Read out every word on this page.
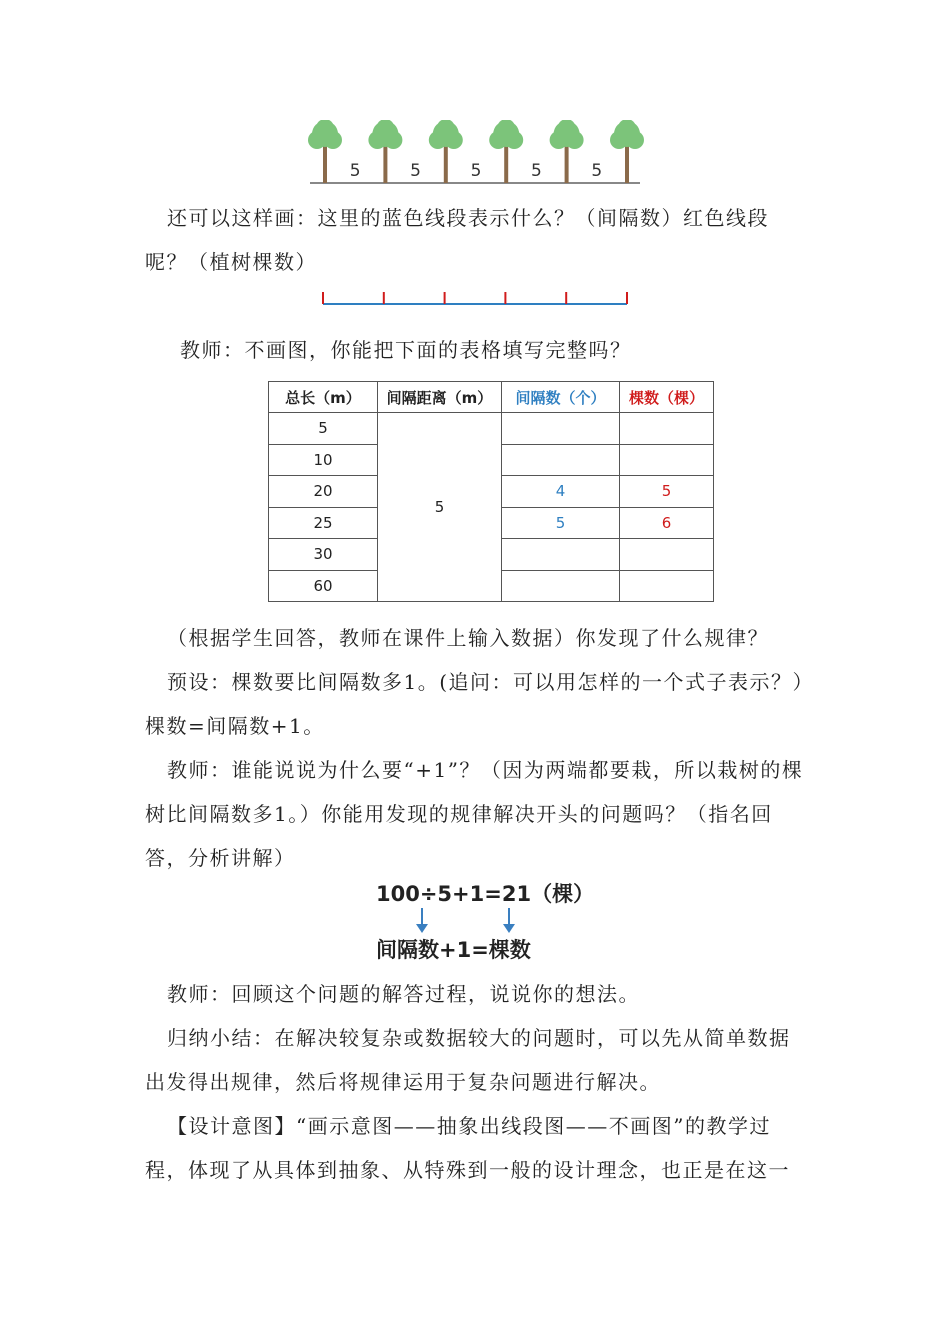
5	5	5	5	5
还可以这样画：这里的蓝色线段表示什么？（间隔数）红色线段呢？（植树棵数）
教师：不画图，你能把下面的表格填写完整吗？
总长（m）	间隔距离（m）	间隔数（个）	棵数（棵）
5	5		
10			
20		4	5
25		5	6
30			
60			
（根据学生回答，教师在课件上输入数据）你发现了什么规律？
预设：棵数要比间隔数多1。(追问：可以用怎样的一个式子表示？）棵数=间隔数+1。
教师：谁能说说为什么要“+1”？（因为两端都要栽，所以栽树的棵树比间隔数多1。）你能用发现的规律解决开头的问题吗？（指名回答，分析讲解）
100÷5+1=21（棵）
间隔数+1=棵数
教师：回顾这个问题的解答过程，说说你的想法。
归纳小结：在解决较复杂或数据较大的问题时，可以先从简单数据出发得出规律，然后将规律运用于复杂问题进行解决。
【设计意图】“画示意图——抽象出线段图——不画图”的教学过程，体现了从具体到抽象、从特殊到一般的设计理念，也正是在这一
